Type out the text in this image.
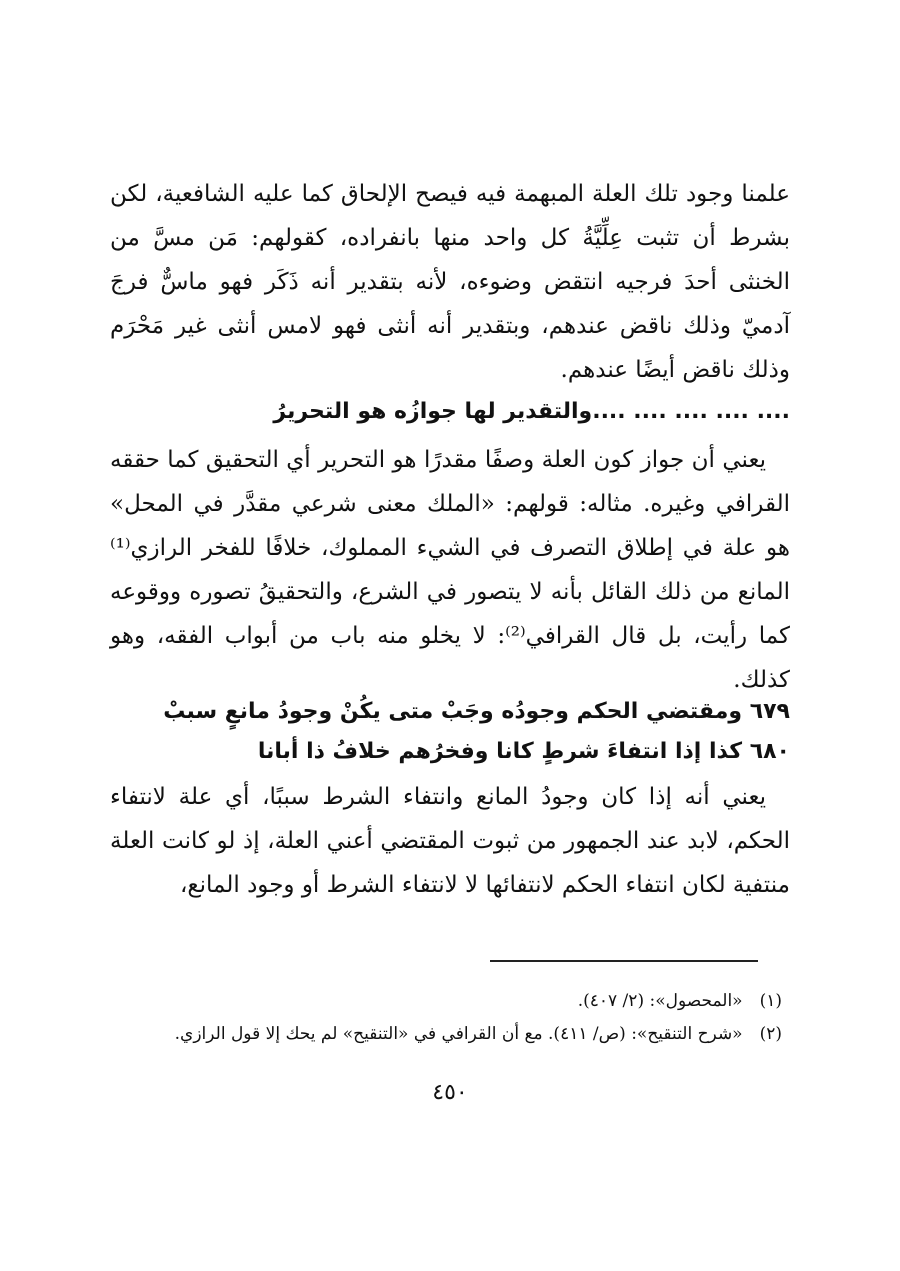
علمنا وجود تلك العلة المبهمة فيه فيصح الإلحاق كما عليه الشافعية، لكن بشرط أن تثبت عِلِّيَّةُ كل واحد منها بانفراده، كقولهم: مَن مسَّ من الخنثى أحدَ فرجيه انتقض وضوءه، لأنه بتقدير أنه ذَكَر فهو ماسٌّ فرجَ آدميّ وذلك ناقض عندهم، وبتقدير أنه أنثى فهو لامس أنثى غير مَحْرَم وذلك ناقض أيضًا عندهم.

.... .... .... .... ....والتقدير لها جوازُه هو التحريرُ

يعني أن جواز كون العلة وصفًا مقدرًا هو التحرير أي التحقيق كما حققه القرافي وغيره. مثاله: قولهم: «الملك معنى شرعي مقدَّر في المحل» هو علة في إطلاق التصرف في الشيء المملوك، خلافًا للفخر الرازي⁽¹⁾ المانع من ذلك القائل بأنه لا يتصور في الشرع، والتحقيقُ تصوره ووقوعه كما رأيت، بل قال القرافي⁽²⁾: لا يخلو منه باب من أبواب الفقه، وهو كذلك.

٦٧٩ ومقتضي الحكم وجودُه وجَبْ متى يكُنْ وجودُ مانعٍ سببْ

٦٨٠ كذا إذا انتفاءَ شرطٍ كانا وفخرُهم خلافُ ذا أبانا

يعني أنه إذا كان وجودُ المانع وانتفاء الشرط سببًا، أي علة لانتفاء الحكم، لابد عند الجمهور من ثبوت المقتضي أعني العلة، إذ لو كانت العلة منتفية لكان انتفاء الحكم لانتفائها لا لانتفاء الشرط أو وجود المانع،

(١) «المحصول»: (٢/ ٤٠٧).

(٢) «شرح التنقيح»: (ص/ ٤١١). مع أن القرافي في «التنقيح» لم يحك إلا قول الرازي.

٤٥٠
